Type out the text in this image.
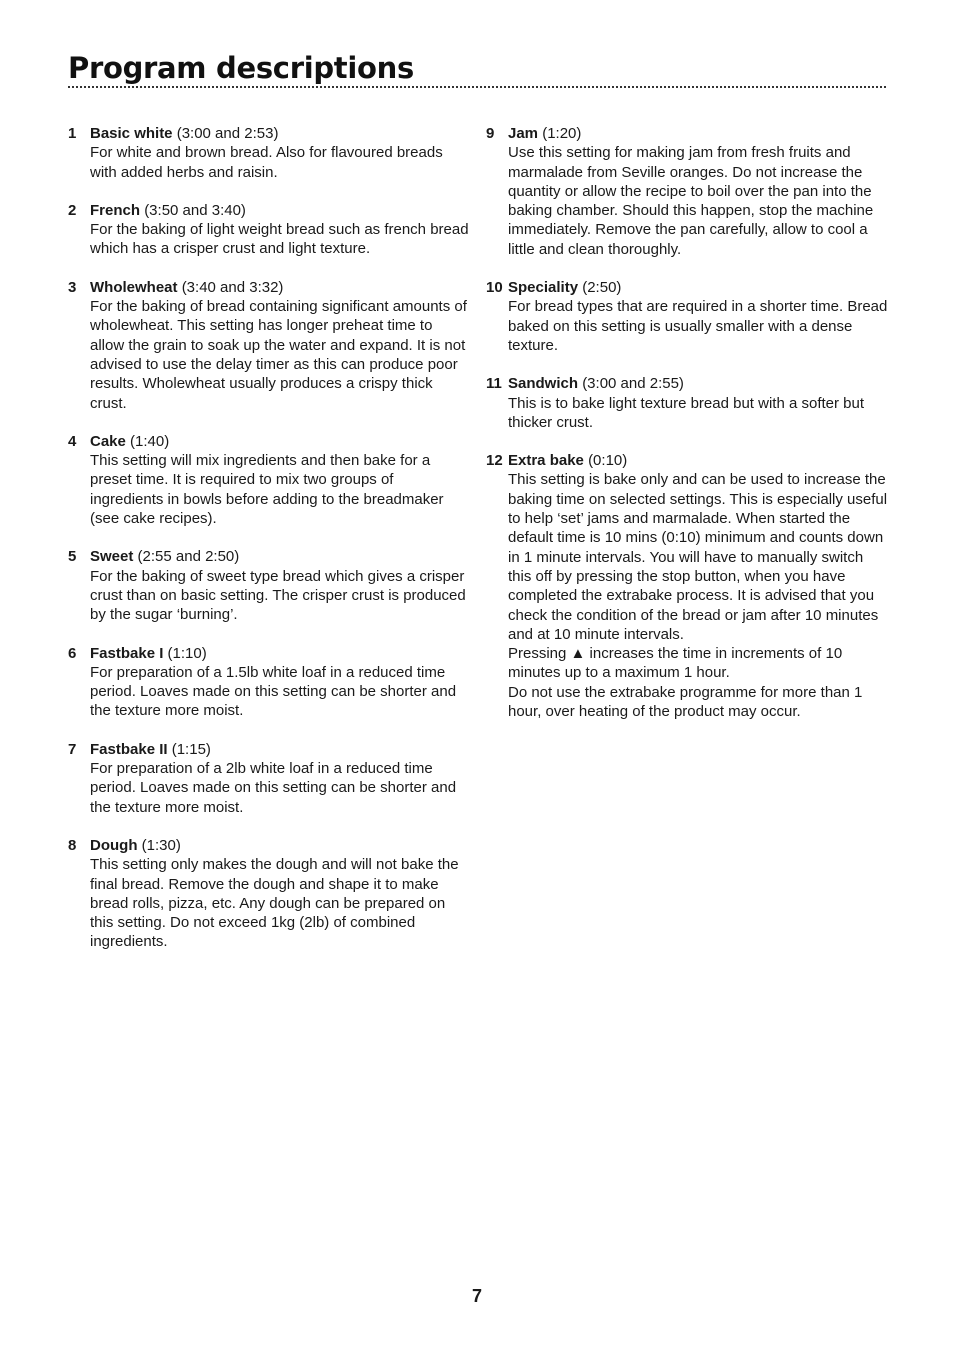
Program descriptions
1 Basic white (3:00 and 2:53)
For white and brown bread. Also for flavoured breads with added herbs and raisin.
2 French (3:50 and 3:40)
For the baking of light weight bread such as french bread which has a crisper crust and light texture.
3 Wholewheat (3:40 and 3:32)
For the baking of bread containing significant amounts of wholewheat. This setting has longer preheat time to allow the grain to soak up the water and expand. It is not advised to use the delay timer as this can produce poor results. Wholewheat usually produces a crispy thick crust.
4 Cake (1:40)
This setting will mix ingredients and then bake for a preset time. It is required to mix two groups of ingredients in bowls before adding to the breadmaker (see cake recipes).
5 Sweet (2:55 and 2:50)
For the baking of sweet type bread which gives a crisper crust than on basic setting. The crisper crust is produced by the sugar ‘burning’.
6 Fastbake I (1:10)
For preparation of a 1.5lb white loaf in a reduced time period. Loaves made on this setting can be shorter and the texture more moist.
7 Fastbake II (1:15)
For preparation of a 2lb white loaf in a reduced time period. Loaves made on this setting can be shorter and the texture more moist.
8 Dough (1:30)
This setting only makes the dough and will not bake the final bread. Remove the dough and shape it to make bread rolls, pizza, etc. Any dough can be prepared on this setting. Do not exceed 1kg (2lb) of combined ingredients.
9 Jam (1:20)
Use this setting for making jam from fresh fruits and marmalade from Seville oranges. Do not increase the quantity or allow the recipe to boil over the pan into the baking chamber. Should this happen, stop the machine immediately. Remove the pan carefully, allow to cool a little and clean thoroughly.
10 Speciality (2:50)
For bread types that are required in a shorter time. Bread baked on this setting is usually smaller with a dense texture.
11 Sandwich (3:00 and 2:55)
This is to bake light texture bread but with a softer but thicker crust.
12 Extra bake (0:10)
This setting is bake only and can be used to increase the baking time on selected settings. This is especially useful to help ‘set’ jams and marmalade. When started the default time is 10 mins (0:10) minimum and counts down in 1 minute intervals. You will have to manually switch this off by pressing the stop button, when you have completed the extrabake process. It is advised that you check the condition of the bread or jam after 10 minutes and at 10 minute intervals.
Pressing ▲ increases the time in increments of 10 minutes up to a maximum 1 hour.
Do not use the extrabake programme for more than 1 hour, over heating of the product may occur.
7
